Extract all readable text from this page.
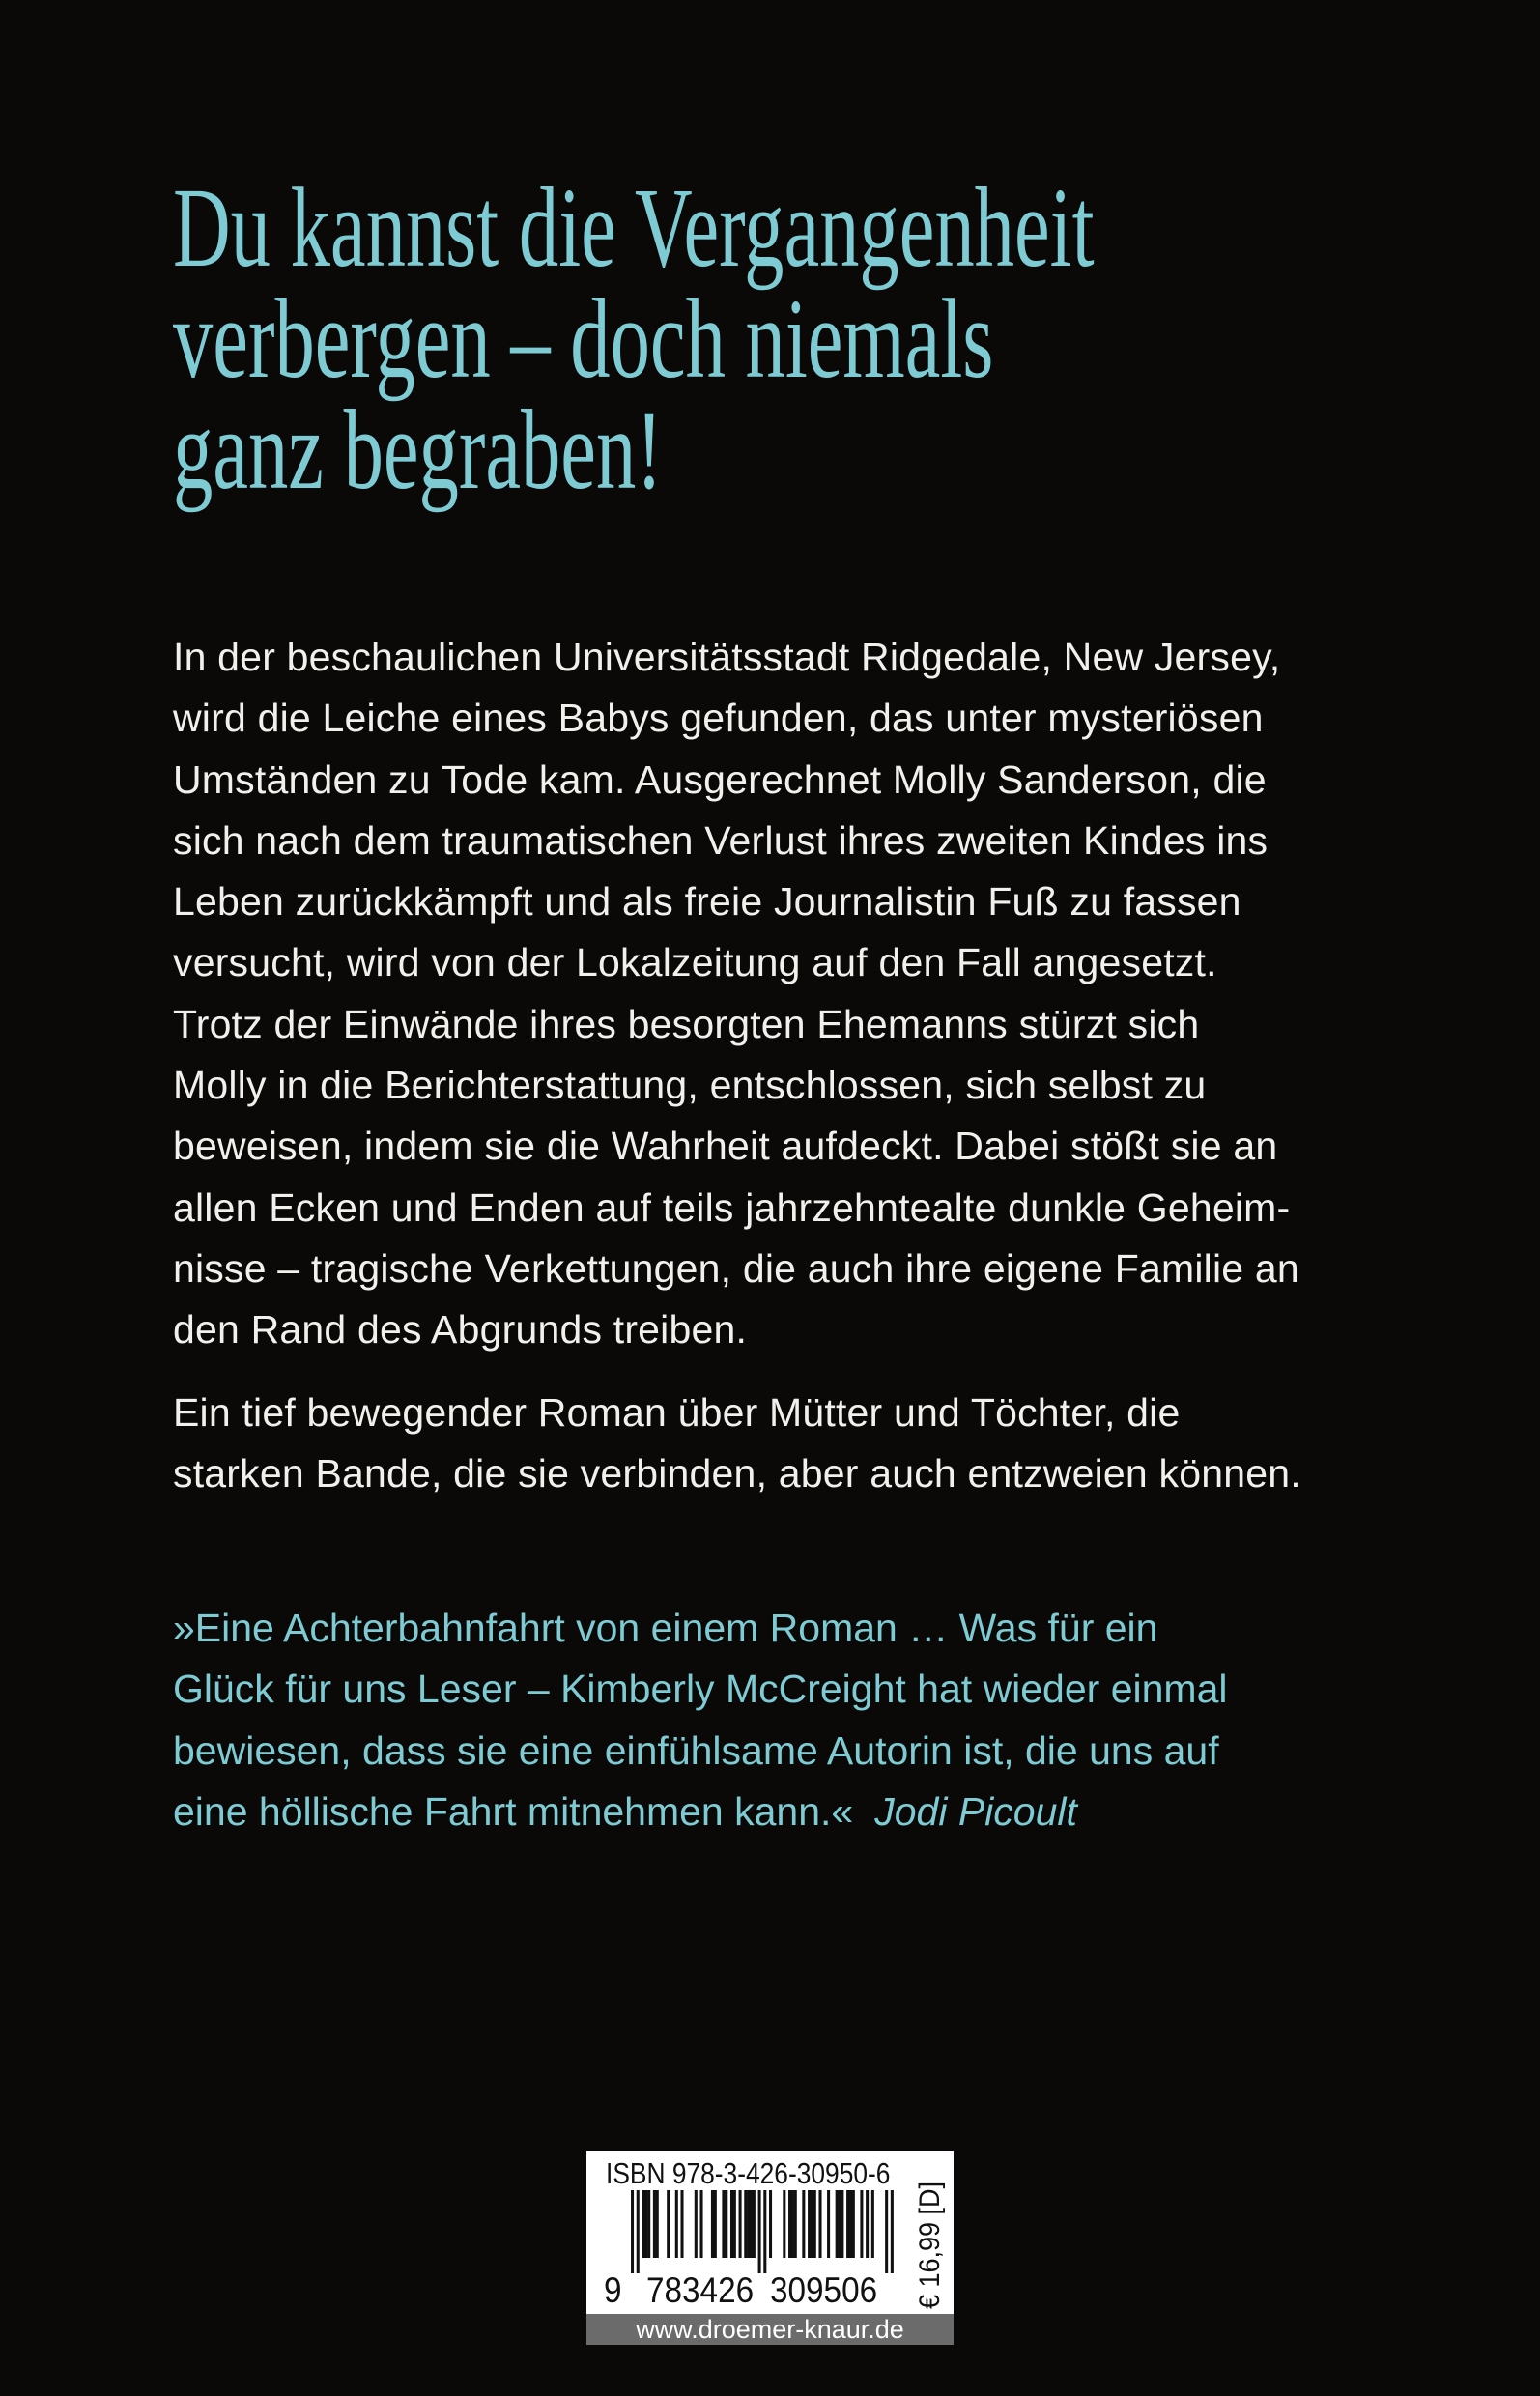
Du kannst die Vergangenheit
verbergen – doch niemals
ganz begraben!
In der beschaulichen Universitätsstadt Ridgedale, New Jersey,
wird die Leiche eines Babys gefunden, das unter mysteriösen
Umständen zu Tode kam. Ausgerechnet Molly Sanderson, die
sich nach dem traumatischen Verlust ihres zweiten Kindes ins
Leben zurückkämpft und als freie Journalistin Fuß zu fassen
versucht, wird von der Lokalzeitung auf den Fall angesetzt.
Trotz der Einwände ihres besorgten Ehemanns stürzt sich
Molly in die Berichterstattung, entschlossen, sich selbst zu
beweisen, indem sie die Wahrheit aufdeckt. Dabei stößt sie an
allen Ecken und Enden auf teils jahrzehntealte dunkle Geheim-
nisse – tragische Verkettungen, die auch ihre eigene Familie an
den Rand des Abgrunds treiben.
Ein tief bewegender Roman über Mütter und Töchter, die
starken Bande, die sie verbinden, aber auch entzweien können.
»Eine Achterbahnfahrt von einem Roman … Was für ein
Glück für uns Leser – Kimberly McCreight hat wieder einmal
bewiesen, dass sie eine einfühlsame Autorin ist, die uns auf
eine höllische Fahrt mitnehmen kann.« Jodi Picoult
ISBN 978-3-426-30950-6
9 783426 309506 € 16,99 [D]
www.droemer-knaur.de
